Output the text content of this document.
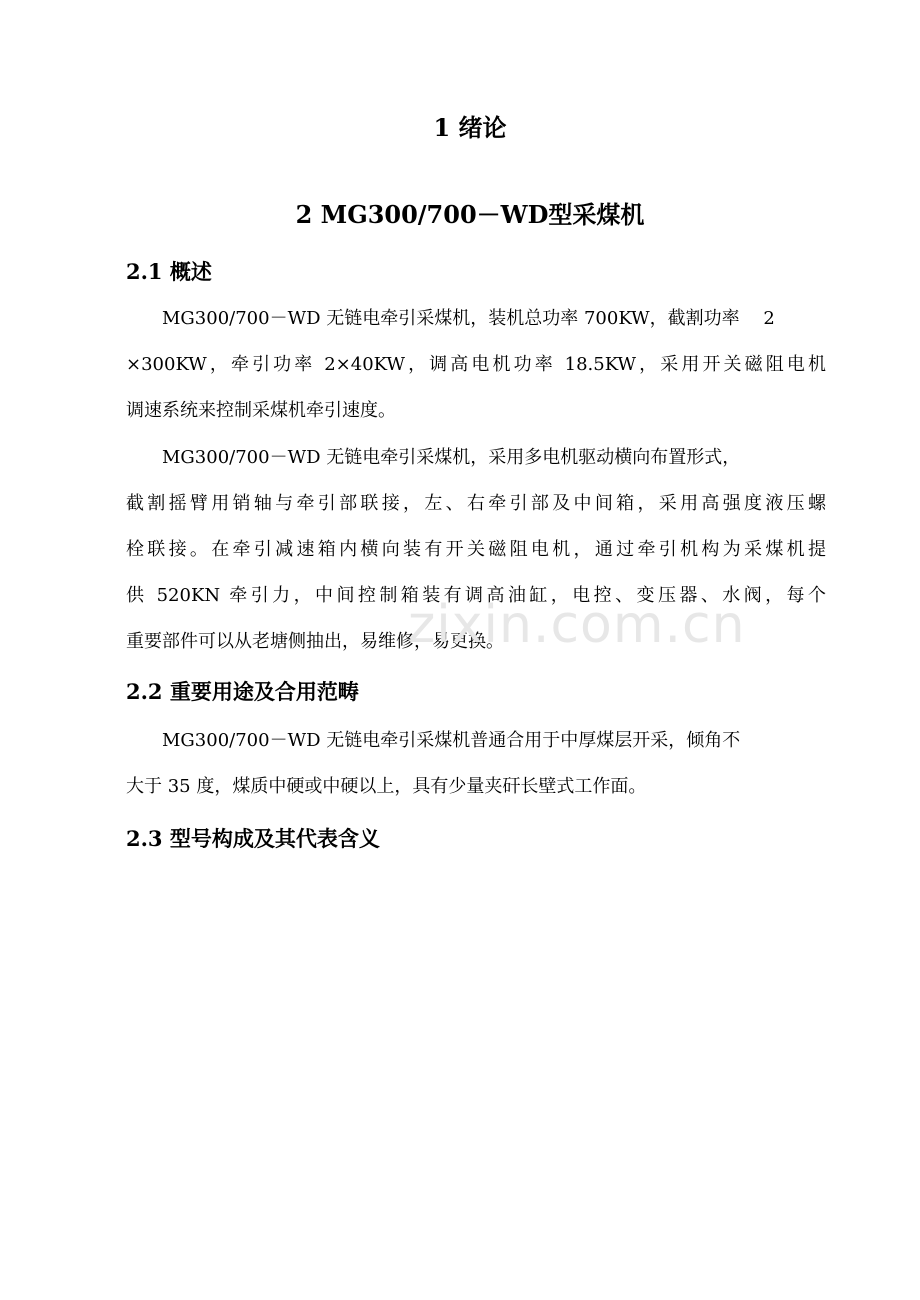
1 绪论
2 MG300/700－WD型采煤机
2.1 概述
MG300/700－WD 无链电牵引采煤机，装机总功率 700KW，截割功率　 2
×300KW，牵引功率 2×40KW，调高电机功率 18.5KW，采用开关磁阻电机
调速系统来控制采煤机牵引速度。
MG300/700－WD 无链电牵引采煤机，采用多电机驱动横向布置形式，
截割摇臂用销轴与牵引部联接，左、右牵引部及中间箱，采用高强度液压螺
栓联接。在牵引减速箱内横向装有开关磁阻电机，通过牵引机构为采煤机提
供 520KN 牵引力，中间控制箱装有调高油缸，电控、变压器、水阀，每个
重要部件可以从老塘侧抽出，易维修，易更换。
2.2 重要用途及合用范畴
MG300/700－WD 无链电牵引采煤机普通合用于中厚煤层开采，倾角不
大于 35 度，煤质中硬或中硬以上，具有少量夹矸长壁式工作面。
2.3 型号构成及其代表含义
zixin.com.cn
